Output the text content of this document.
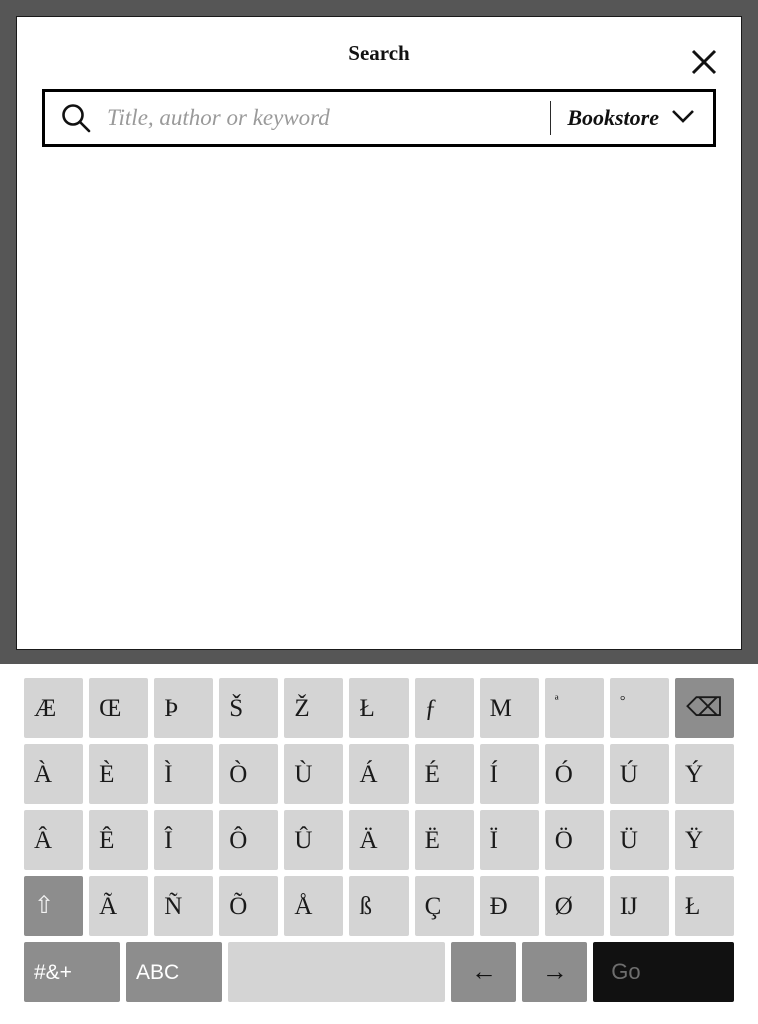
Search
Title, author or keyword
Bookstore
Æ	Œ	Þ	Š	Ž	Ł	ƒ	M	ª	° ⌫
À	È	Ì	Ò	Ù	Á	É	Í	Ó	Ú	Ý
Â	Ê	Î	Ô	Û	Ä	Ë	Ï	Ö	Ü	Ÿ
⇧	Ã	Ñ	Õ	Å	ß	Ç	Ð	Ø	Ĳ	Ł
#&+	ABC	← →	Go
